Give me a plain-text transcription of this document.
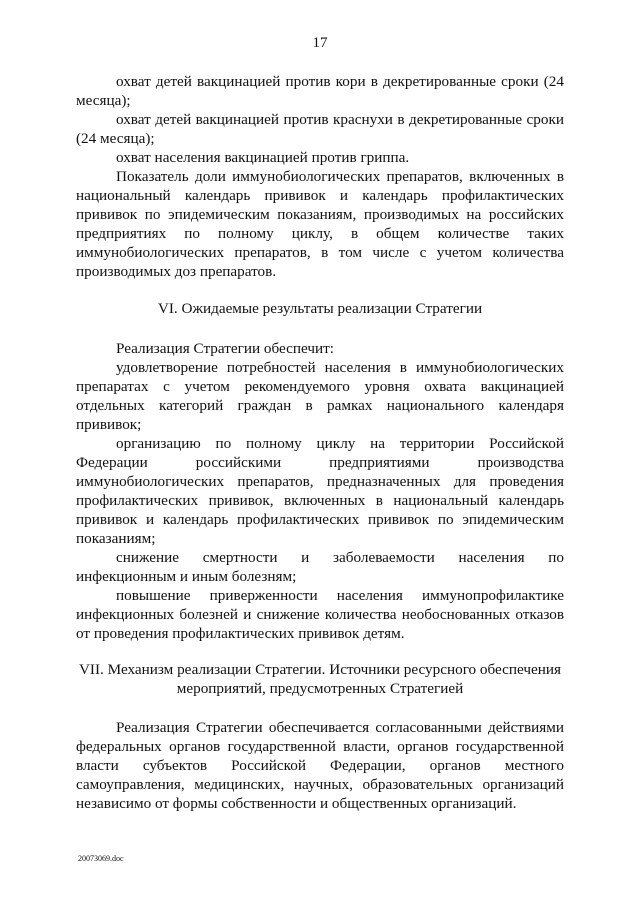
17

охват детей вакцинацией против кори в декретированные сроки (24 месяца);

охват детей вакцинацией против краснухи в декретированные сроки (24 месяца);

охват населения вакцинацией против гриппа.

Показатель доли иммунобиологических препаратов, включенных в национальный календарь прививок и календарь профилактических прививок по эпидемическим показаниям, производимых на российских предприятиях по полному циклу, в общем количестве таких иммунобиологических препаратов, в том числе с учетом количества производимых доз препаратов.

VI. Ожидаемые результаты реализации Стратегии

Реализация Стратегии обеспечит:

удовлетворение потребностей населения в иммунобиологических препаратах с учетом рекомендуемого уровня охвата вакцинацией отдельных категорий граждан в рамках национального календаря прививок;

организацию по полному циклу на территории Российской Федерации российскими предприятиями производства иммунобиологических препаратов, предназначенных для проведения профилактических прививок, включенных в национальный календарь прививок и календарь профилактических прививок по эпидемическим показаниям;

снижение смертности и заболеваемости населения по инфекционным и иным болезням;

повышение приверженности населения иммунопрофилактике инфекционных болезней и снижение количества необоснованных отказов от проведения профилактических прививок детям.

VII. Механизм реализации Стратегии. Источники ресурсного обеспечения
мероприятий, предусмотренных Стратегией

Реализация Стратегии обеспечивается согласованными действиями федеральных органов государственной власти, органов государственной власти субъектов Российской Федерации, органов местного самоуправления, медицинских, научных, образовательных организаций независимо от формы собственности и общественных организаций.

20073069.doc
